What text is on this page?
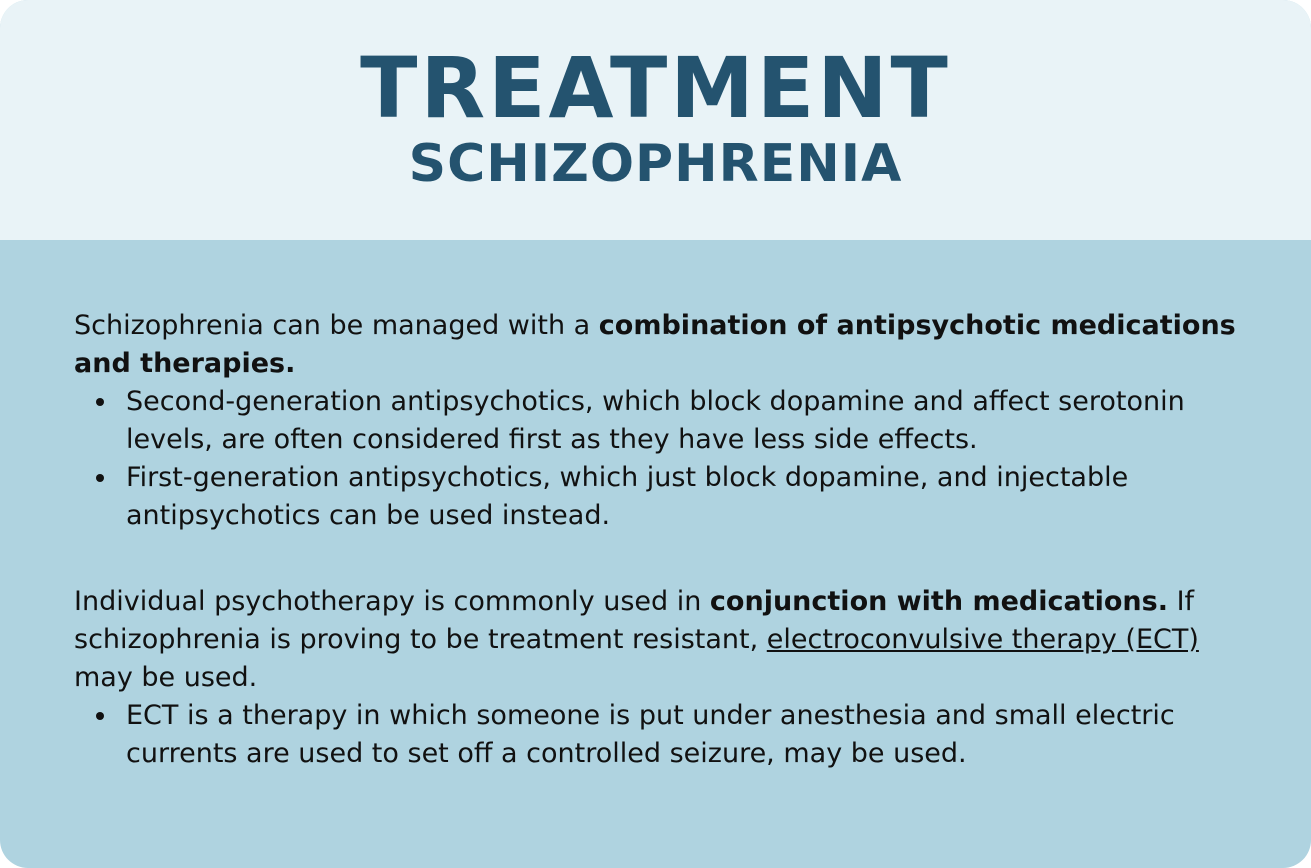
TREATMENT
SCHIZOPHRENIA

Schizophrenia can be managed with a combination of antipsychotic medications and therapies.

Second-generation antipsychotics, which block dopamine and affect serotonin levels, are often considered first as they have less side effects.
First-generation antipsychotics, which just block dopamine, and injectable antipsychotics can be used instead.

Individual psychotherapy is commonly used in conjunction with medications. If schizophrenia is proving to be treatment resistant, electroconvulsive therapy (ECT) may be used.

ECT is a therapy in which someone is put under anesthesia and small electric currents are used to set off a controlled seizure, may be used.
